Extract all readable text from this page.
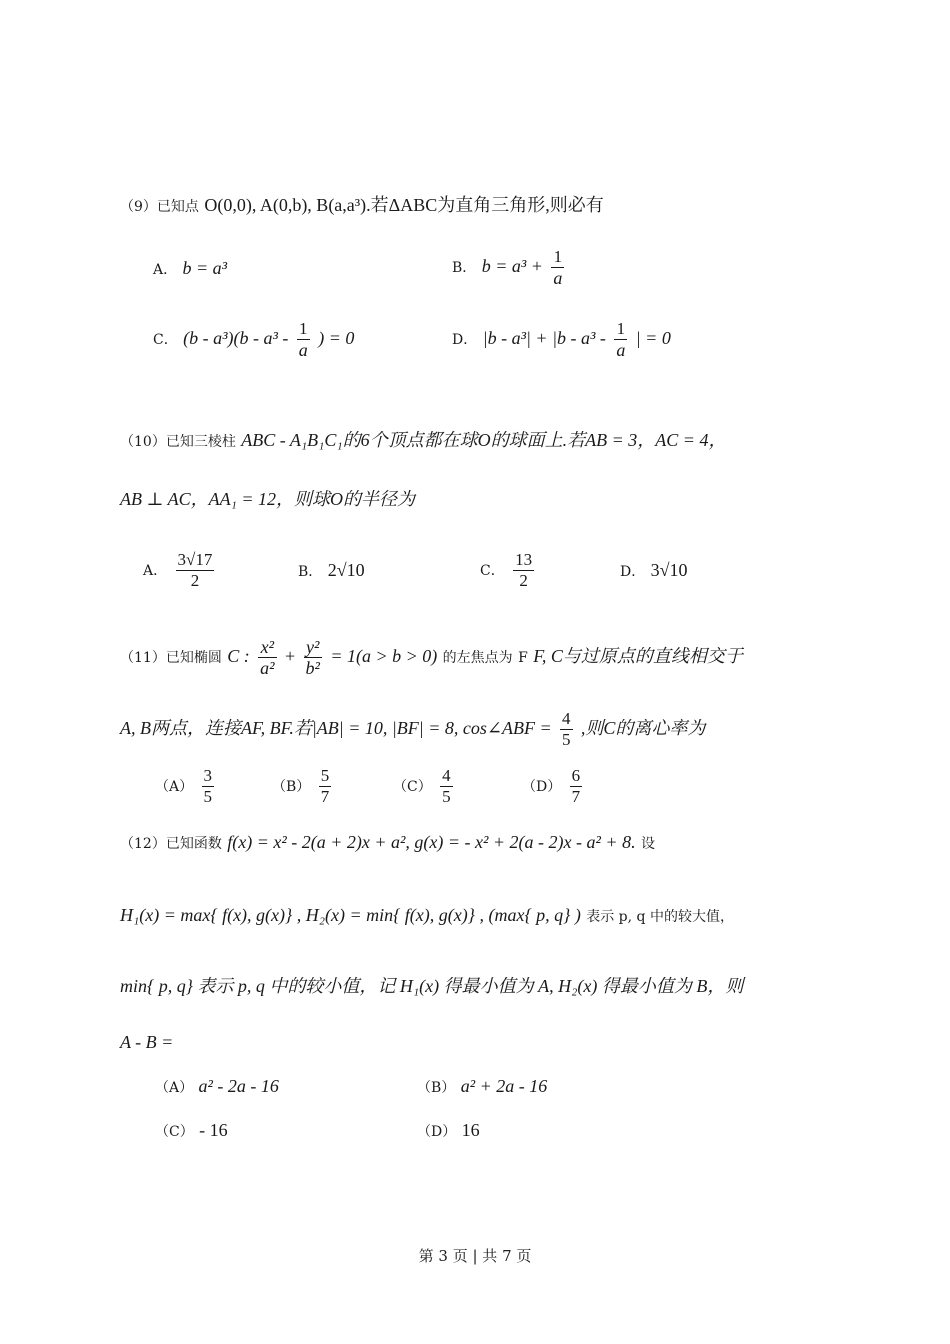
（9）已知点 O(0,0), A(0,b), B(a,a³).若ΔABC为直角三角形,则必有
A． b = a³	B． $b = a^3 + \frac{1}{a}$
C． $(b - a^3)(b - a^3 - \frac{1}{a}$ ) = 0	D． $|b - a^3| + |b - a^3 - \frac{1}{a}$ | = 0
（10）已知三棱柱 ABC - A₁B₁C₁的6个顶点都在球O的球面上.若AB = 3，AC = 4，
AB ⊥ AC，AA₁ = 12，则球O的半径为
A． $\frac{3√17}{2}$	B． 2√10	C． $\frac{13}{2}$	D． 3√10
（11）已知椭圆 C : $\frac{\text{x²}}{\text{a²}} + \frac{\text{y²}}{\text{b²}} = 1(a > b > 0)$ 的左焦点为 F F, C与过原点的直线相交于
A, B两点，连接AF, BF.若|AB| = 10, |BF| = 8, cos∠ABF = $\frac{4}{5}$ ,则C的离心率为
$(A) \frac{3}{5}$	$(B) \frac{5}{7}$	$(C) \frac{4}{5}$	$(D) \frac{6}{7}$
（12）已知函数 f(x) = x² - 2(a + 2)x + a², g(x) = - x² + 2(a - 2)x - a² + 8. 设
H₁(x) = max{ f(x), g(x)} , H₂(x) = min{ f(x), g(x)} , (max{ p, q} ) 表示 p, q 中的较大值，
min{ p, q} 表示 p, q 中的较小值，记 H₁(x) 得最小值为 A, H₂(x) 得最小值为 B，则
A - B =
（A） a² - 2a - 16	（B） a² + 2a - 16
（C） - 16	（D） 16
第 3 页 | 共 7 页
